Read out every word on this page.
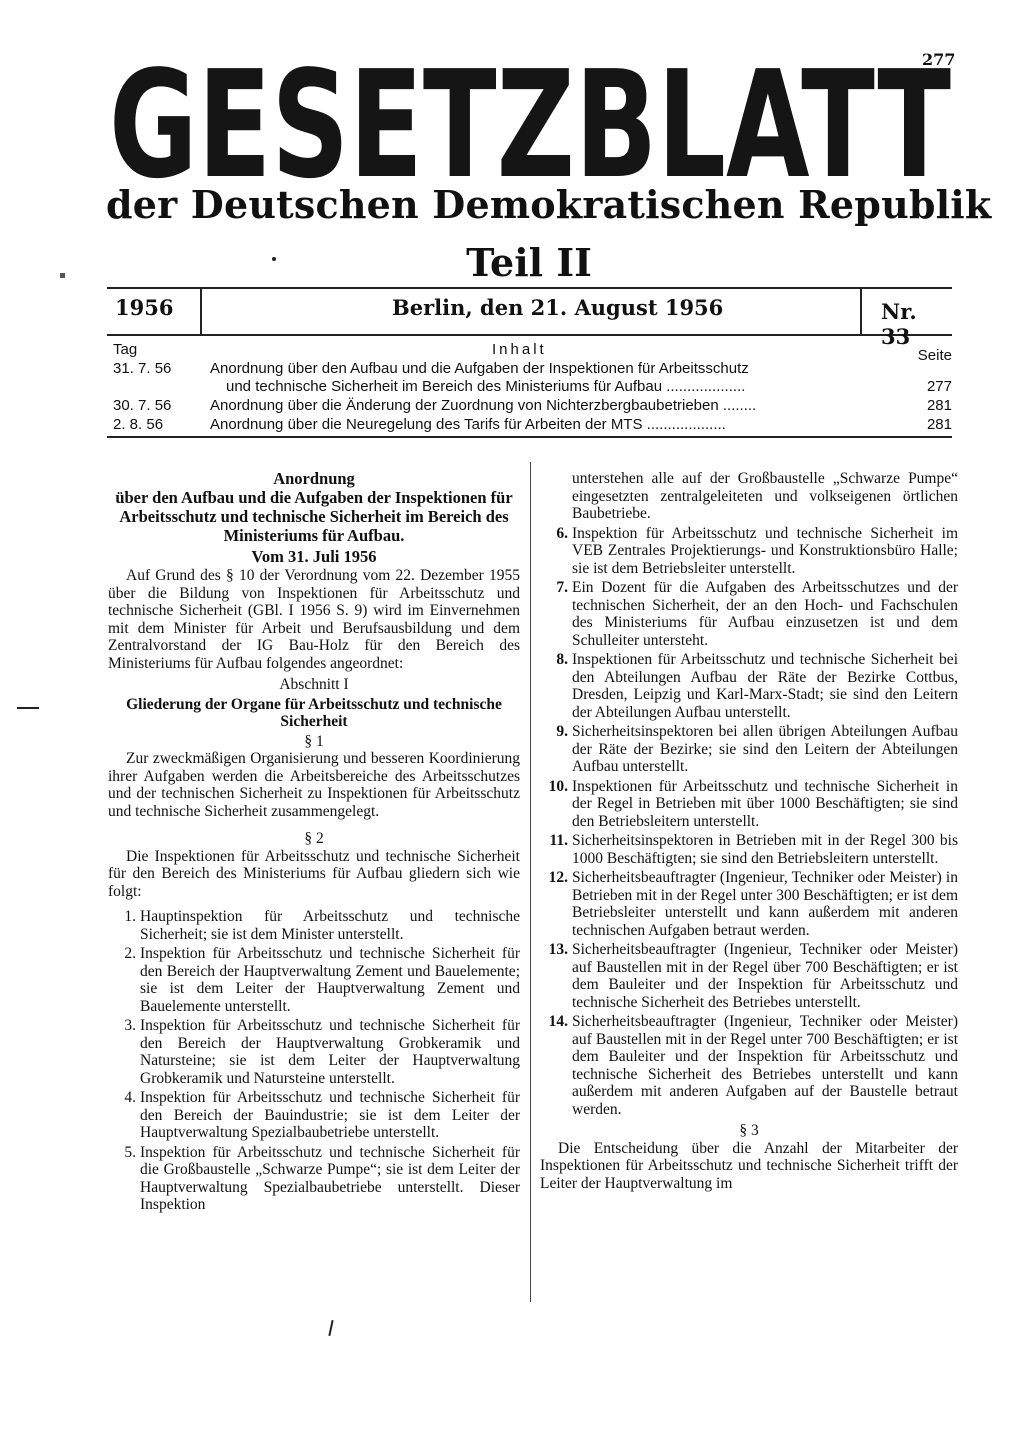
277
GESETZBLATT
der Deutschen Demokratischen Republik
Teil II
1956	Berlin, den 21. August 1956	Nr. 33
Tag	Inhalt	Seite
31. 7. 56	Anordnung über den Aufbau und die Aufgaben der Inspektionen für Arbeitsschutz
und technische Sicherheit im Bereich des Ministeriums für Aufbau ...................	277
30. 7. 56	Anordnung über die Änderung der Zuordnung von Nichterzbergbaubetrieben ........	281
2. 8. 56	Anordnung über die Neuregelung des Tarifs für Arbeiten der MTS ...................	281

Anordnung

über den Aufbau und die Aufgaben der Inspektionen für Arbeitsschutz und technische Sicherheit im Bereich des Ministeriums für Aufbau.

Vom 31. Juli 1956

Auf Grund des § 10 der Verordnung vom 22. Dezember 1955 über die Bildung von Inspektionen für Arbeitsschutz und technische Sicherheit (GBl. I 1956 S. 9) wird im Einvernehmen mit dem Minister für Arbeit und Berufsausbildung und dem Zentralvorstand der IG Bau-Holz für den Bereich des Ministeriums für Aufbau folgendes angeordnet:

Abschnitt I

Gliederung der Organe für Arbeitsschutz und technische Sicherheit

§ 1

Zur zweckmäßigen Organisierung und besseren Koordinierung ihrer Aufgaben werden die Arbeitsbereiche des Arbeitsschutzes und der technischen Sicherheit zu Inspektionen für Arbeitsschutz und technische Sicherheit zusammengelegt.

§ 2

Die Inspektionen für Arbeitsschutz und technische Sicherheit für den Bereich des Ministeriums für Aufbau gliedern sich wie folgt:

1. Hauptinspektion für Arbeitsschutz und technische Sicherheit; sie ist dem Minister unterstellt.
2. Inspektion für Arbeitsschutz und technische Sicherheit für den Bereich der Hauptverwaltung Zement und Bauelemente; sie ist dem Leiter der Hauptverwaltung Zement und Bauelemente unterstellt.
3. Inspektion für Arbeitsschutz und technische Sicherheit für den Bereich der Hauptverwaltung Grobkeramik und Natursteine; sie ist dem Leiter der Hauptverwaltung Grobkeramik und Natursteine unterstellt.
4. Inspektion für Arbeitsschutz und technische Sicherheit für den Bereich der Bauindustrie; sie ist dem Leiter der Hauptverwaltung Spezialbaubetriebe unterstellt.
5. Inspektion für Arbeitsschutz und technische Sicherheit für die Großbaustelle „Schwarze Pumpe“; sie ist dem Leiter der Hauptverwaltung Spezialbaubetriebe unterstellt. Dieser Inspektion

unterstehen alle auf der Großbaustelle „Schwarze Pumpe“ eingesetzten zentralgeleiteten und volkseigenen örtlichen Baubetriebe.

6. Inspektion für Arbeitsschutz und technische Sicherheit im VEB Zentrales Projektierungs- und Konstruktionsbüro Halle; sie ist dem Betriebsleiter unterstellt.
7. Ein Dozent für die Aufgaben des Arbeitsschutzes und der technischen Sicherheit, der an den Hoch- und Fachschulen des Ministeriums für Aufbau einzusetzen ist und dem Schulleiter untersteht.
8. Inspektionen für Arbeitsschutz und technische Sicherheit bei den Abteilungen Aufbau der Räte der Bezirke Cottbus, Dresden, Leipzig und Karl-Marx-Stadt; sie sind den Leitern der Abteilungen Aufbau unterstellt.
9. Sicherheitsinspektoren bei allen übrigen Abteilungen Aufbau der Räte der Bezirke; sie sind den Leitern der Abteilungen Aufbau unterstellt.
10. Inspektionen für Arbeitsschutz und technische Sicherheit in der Regel in Betrieben mit über 1000 Beschäftigten; sie sind den Betriebsleitern unterstellt.
11. Sicherheitsinspektoren in Betrieben mit in der Regel 300 bis 1000 Beschäftigten; sie sind den Betriebsleitern unterstellt.
12. Sicherheitsbeauftragter (Ingenieur, Techniker oder Meister) in Betrieben mit in der Regel unter 300 Beschäftigten; er ist dem Betriebsleiter unterstellt und kann außerdem mit anderen technischen Aufgaben betraut werden.
13. Sicherheitsbeauftragter (Ingenieur, Techniker oder Meister) auf Baustellen mit in der Regel über 700 Beschäftigten; er ist dem Bauleiter und der Inspektion für Arbeitsschutz und technische Sicherheit des Betriebes unterstellt.
14. Sicherheitsbeauftragter (Ingenieur, Techniker oder Meister) auf Baustellen mit in der Regel unter 700 Beschäftigten; er ist dem Bauleiter und der Inspektion für Arbeitsschutz und technische Sicherheit des Betriebes unterstellt und kann außerdem mit anderen Aufgaben auf der Baustelle betraut werden.

§ 3

Die Entscheidung über die Anzahl der Mitarbeiter der Inspektionen für Arbeitsschutz und technische Sicherheit trifft der Leiter der Hauptverwaltung im
